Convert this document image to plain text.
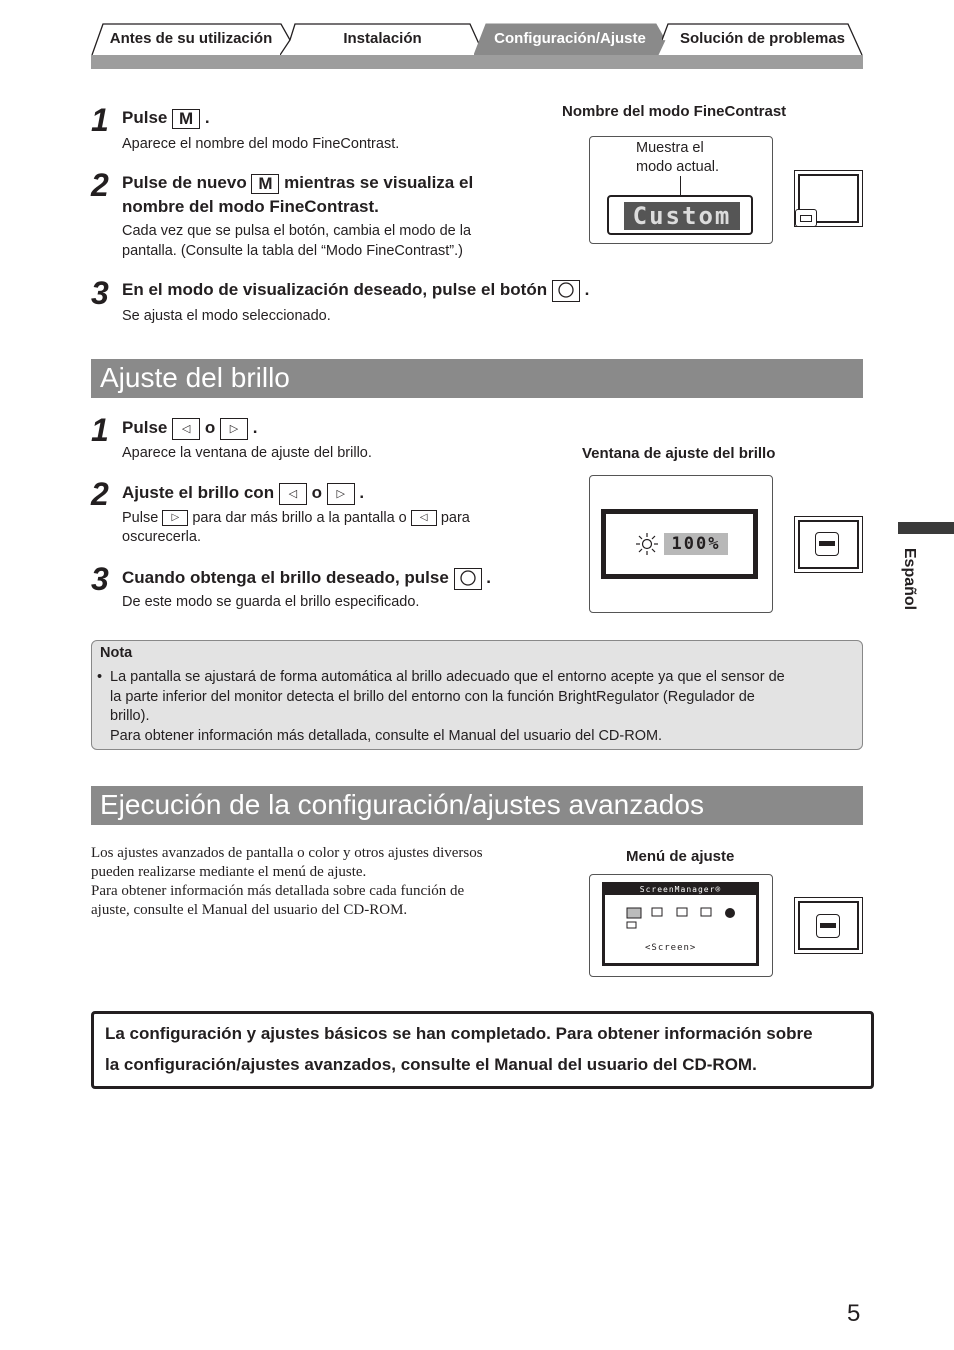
Antes de su utilización	Instalación	Configuración/Ajuste	Solución de problemas
1 Pulse M .
Aparece el nombre del modo FineContrast.
2 Pulse de nuevo M mientras se visualiza el
nombre del modo FineContrast.
Cada vez que se pulsa el botón, cambia el modo de la
pantalla. (Consulte la tabla del “Modo FineContrast”.)
3 En el modo de visualización deseado, pulse el botón .
Se ajusta el modo seleccionado.
Nombre del modo FineContrast
Muestra el
modo actual.
Custom
Ajuste del brillo
1 Pulse ◁ o ▷ .
Aparece la ventana de ajuste del brillo.
2 Ajuste el brillo con ◁ o ▷ .
Pulse ▷ para dar más brillo a la pantalla o ◁ para
oscurecerla.
3 Cuando obtenga el brillo deseado, pulse .
De este modo se guarda el brillo especificado.
Ventana de ajuste del brillo
100%
Nota
• La pantalla se ajustará de forma automática al brillo adecuado que el entorno acepte ya que el sensor de
la parte inferior del monitor detecta el brillo del entorno con la función BrightRegulator (Regulador de
brillo).
Para obtener información más detallada, consulte el Manual del usuario del CD-ROM.
Ejecución de la configuración/ajustes avanzados
Los ajustes avanzados de pantalla o color y otros ajustes diversos
pueden realizarse mediante el menú de ajuste.
Para obtener información más detallada sobre cada función de
ajuste, consulte el Manual del usuario del CD-ROM.
Menú de ajuste
ScreenManager®
<Screen>
La configuración y ajustes básicos se han completado. Para obtener información sobre
la configuración/ajustes avanzados, consulte el Manual del usuario del CD-ROM.
Español
5
